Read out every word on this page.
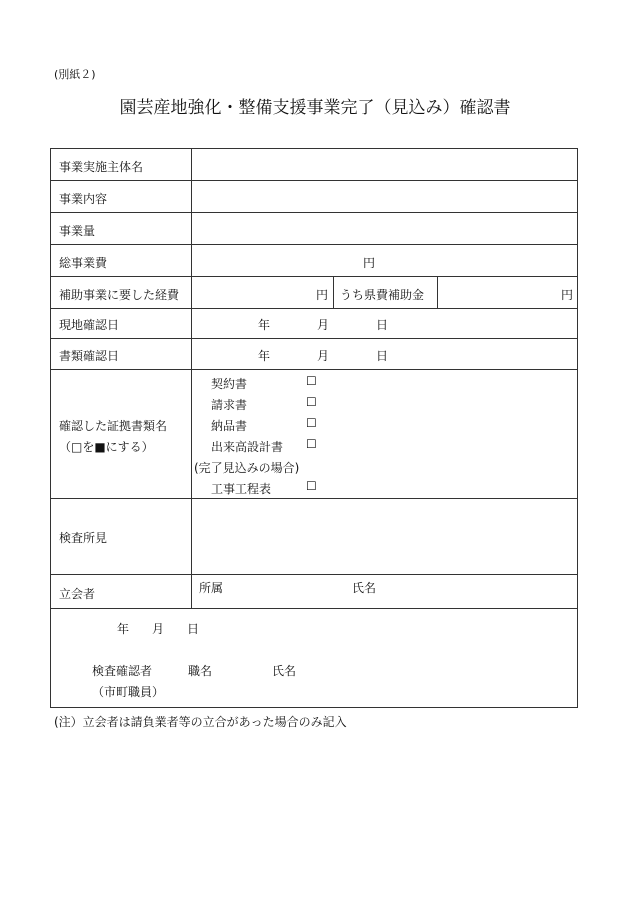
(別紙２)
園芸産地強化・整備支援事業完了（見込み）確認書
事業実施主体名
事業内容
事業量
総事業費	円
補助事業に要した経費	円 うち県費補助金	円
現地確認日	年	月	日
書類確認日	年	月	日
確認した証拠書類名
（□を■にする）
契約書	☐
請求書	☐
納品書	☐
出来高設計書 ☐
(完了見込みの場合)
工事工程表	☐
検査所見
立会者	所属	氏名
年 月 日
検査確認者	職名	氏名
（市町職員）
(注）立会者は請負業者等の立合があった場合のみ記入
